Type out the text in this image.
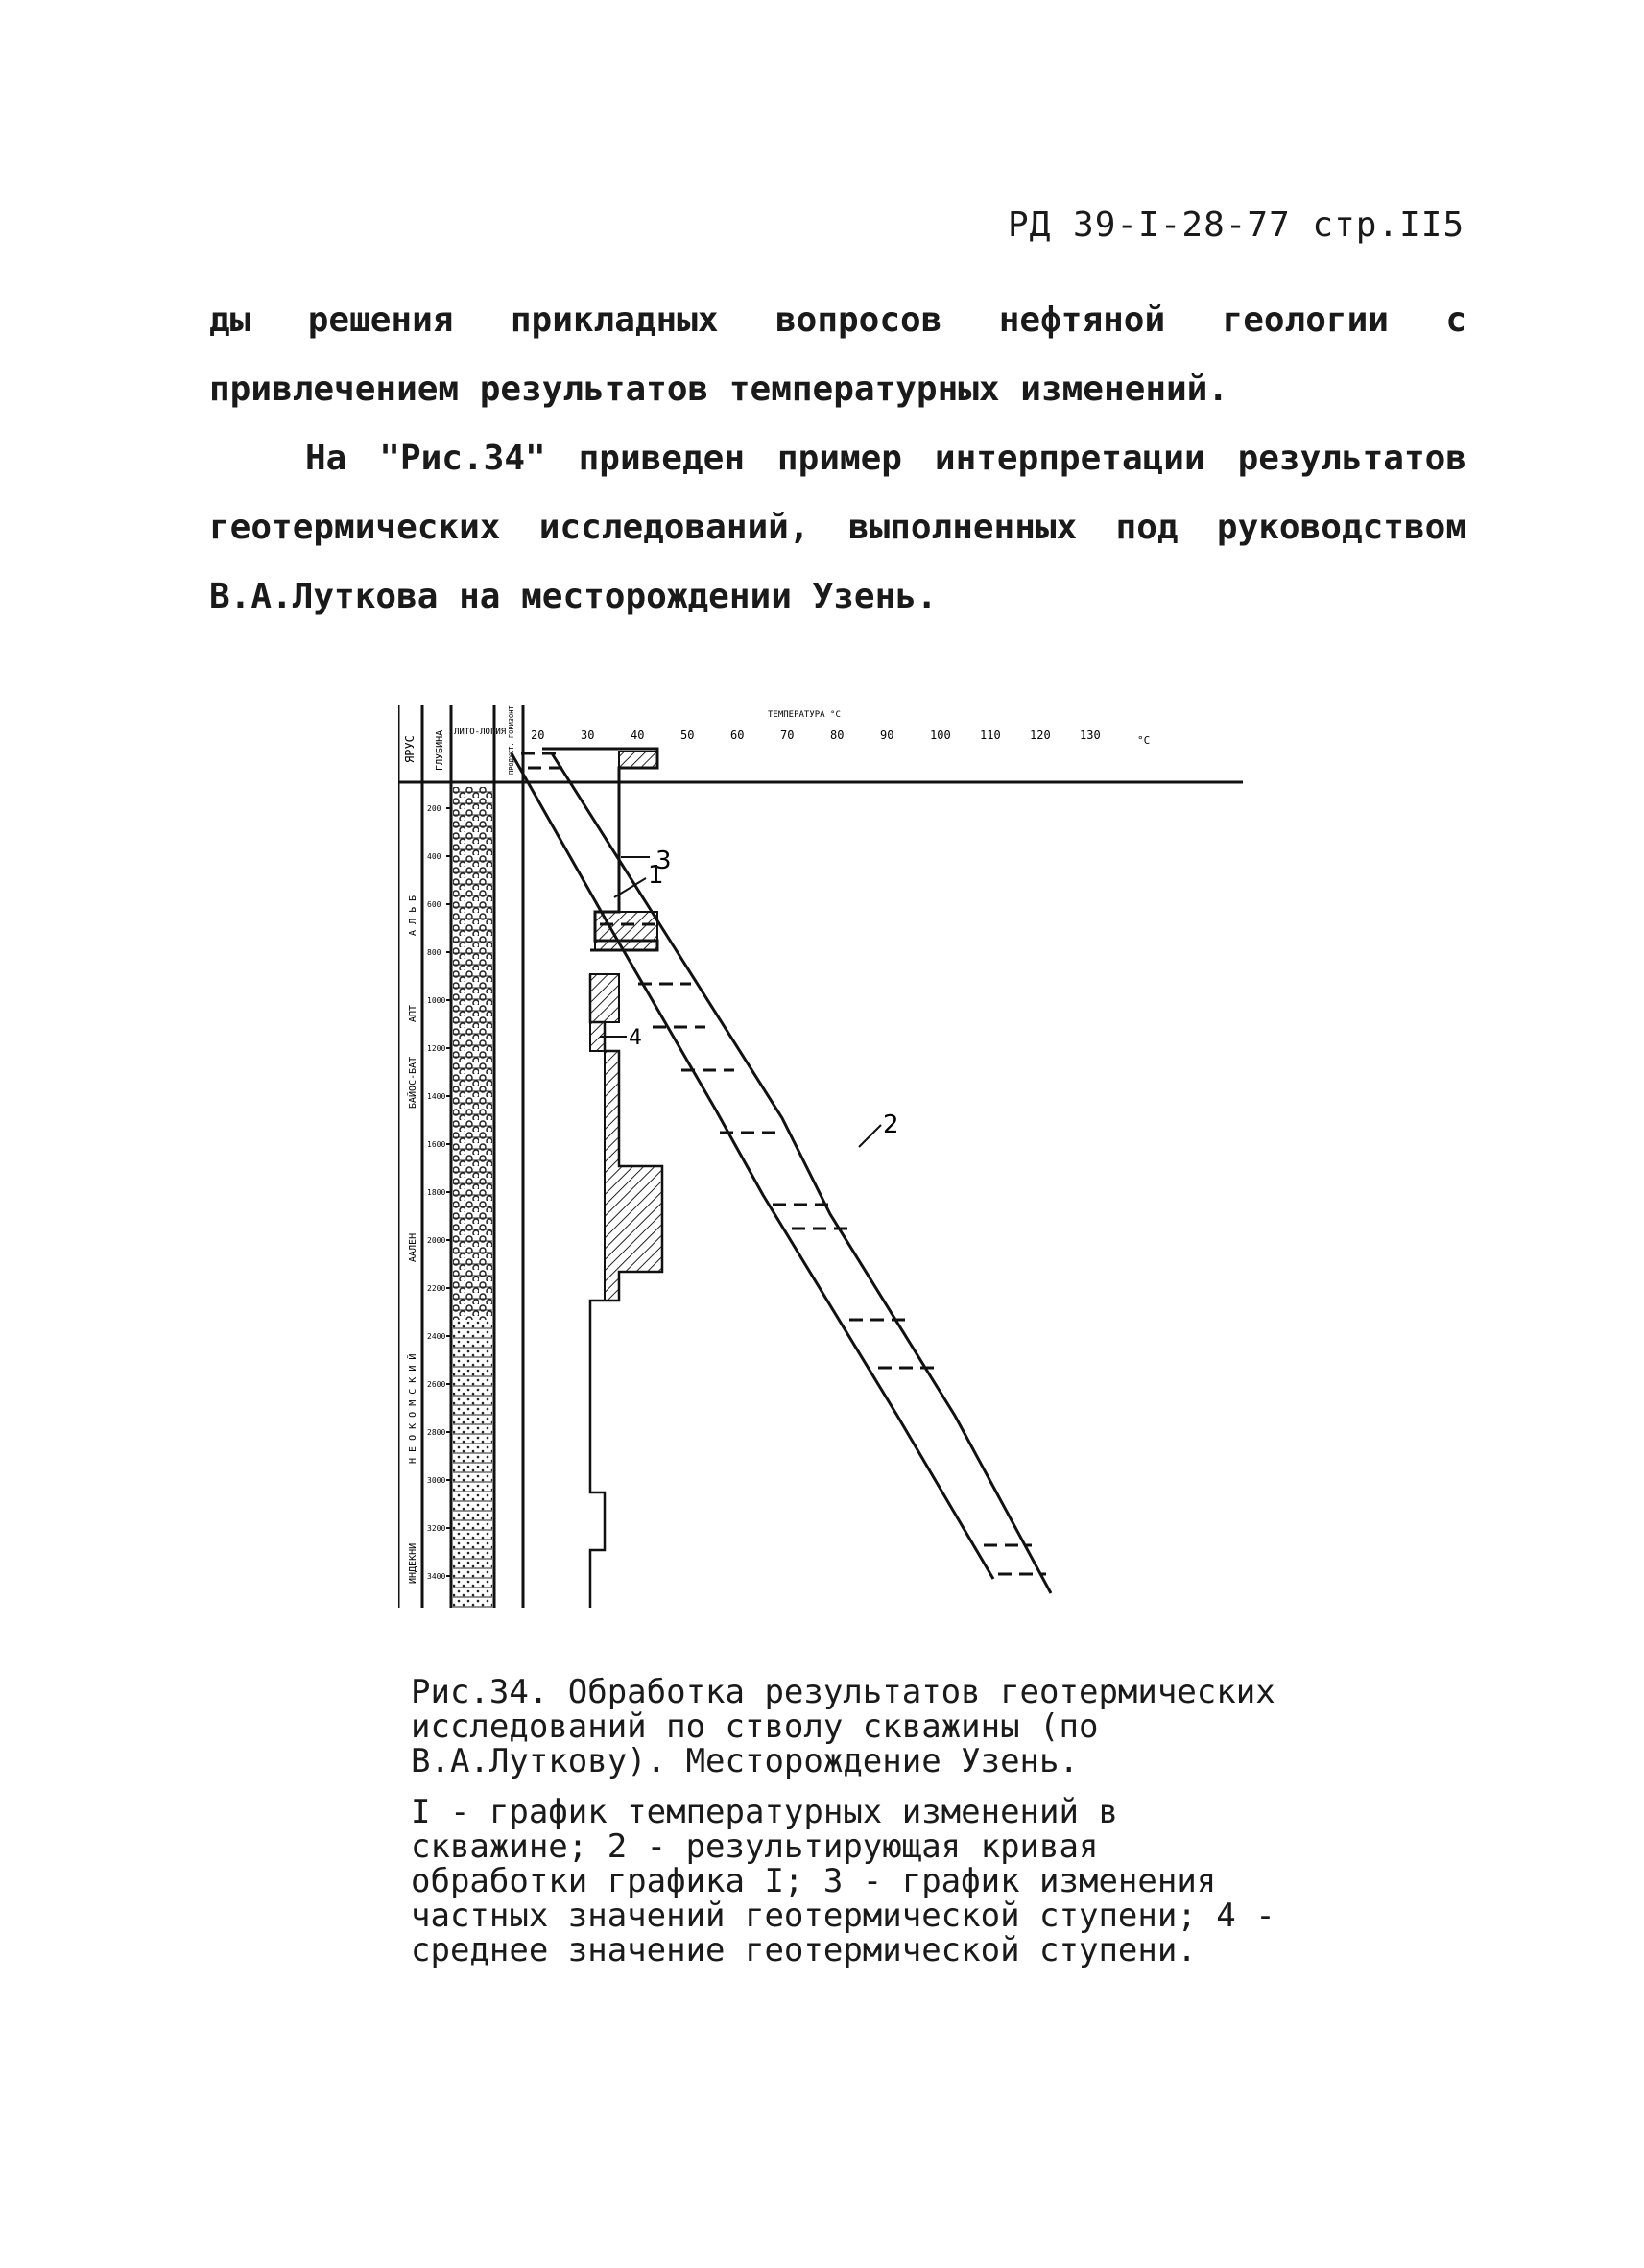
РД 39-I-28-77 стр.II5
ды решения прикладных вопросов нефтяной геологии с привлечением результатов температурных изменений.
На "Рис.34" приведен пример интерпретации результатов геотермических исследований, выполненных под руководством В.А.Луткова на месторождении Узень.
ЯРУС ГЛУБИНА ЛИТО-ЛОГИЯ ПРОДУКТ. ГОРИЗОНТ	ТЕМПЕРАТУРА °С
20	30	40	50	60	70	80	90	100	110	120	130	°С
А Л Ь Б
АПТ
БАЙОС-БАТ
ААЛЕН
Н Е О К О М С К И Й
ИНДЕКНИ
200
400
600
800
1000
1200
1400
1600
1800
2000
2200
2400
2600
2800
3000
3200
3400
1
2
3
4
Рис.34. Обработка результатов геотермических исследований по стволу скважины (по В.А.Луткову). Месторождение Узень.
I - график температурных изменений в скважине; 2 - результирующая кривая обработки графика I; 3 - график изменения частных значений геотермической ступени; 4 - среднее значение геотермической ступени.
